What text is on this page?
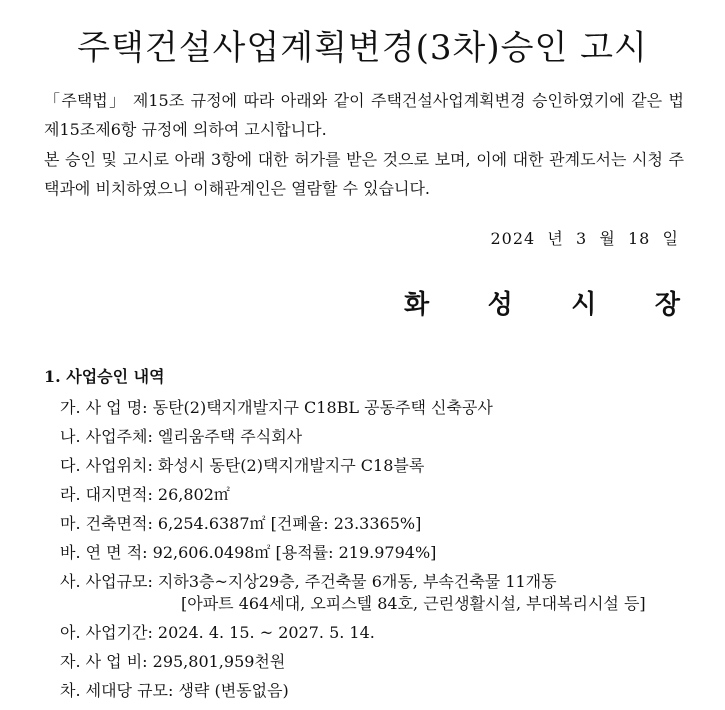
주택건설사업계획변경(3차)승인 고시

「주택법」 제15조 규정에 따라 아래와 같이 주택건설사업계획변경 승인하였기에 같은 법 제15조제6항 규정에 의하여 고시합니다.

본 승인 및 고시로 아래 3항에 대한 허가를 받은 것으로 보며, 이에 대한 관계도서는 시청 주택과에 비치하였으니 이해관계인은 열람할 수 있습니다.

2024  년  3  월  18  일
화 성 시 장
1. 사업승인 내역
가. 사 업 명: 동탄(2)택지개발지구 C18BL 공동주택 신축공사
나. 사업주체: 엘리움주택 주식회사
다. 사업위치: 화성시 동탄(2)택지개발지구 C18블록
라. 대지면적: 26,802㎡
마. 건축면적: 6,254.6387㎡ [건폐율: 23.3365%]
바. 연 면 적: 92,606.0498㎡ [용적률: 219.9794%]
사. 사업규모: 지하3층~지상29층, 주건축물 6개동, 부속건축물 11개동
[아파트 464세대, 오피스텔 84호, 근린생활시설, 부대복리시설 등]
아. 사업기간: 2024. 4. 15. ~ 2027. 5. 14.
자. 사 업 비: 295,801,959천원
차. 세대당 규모: 생략 (변동없음)
